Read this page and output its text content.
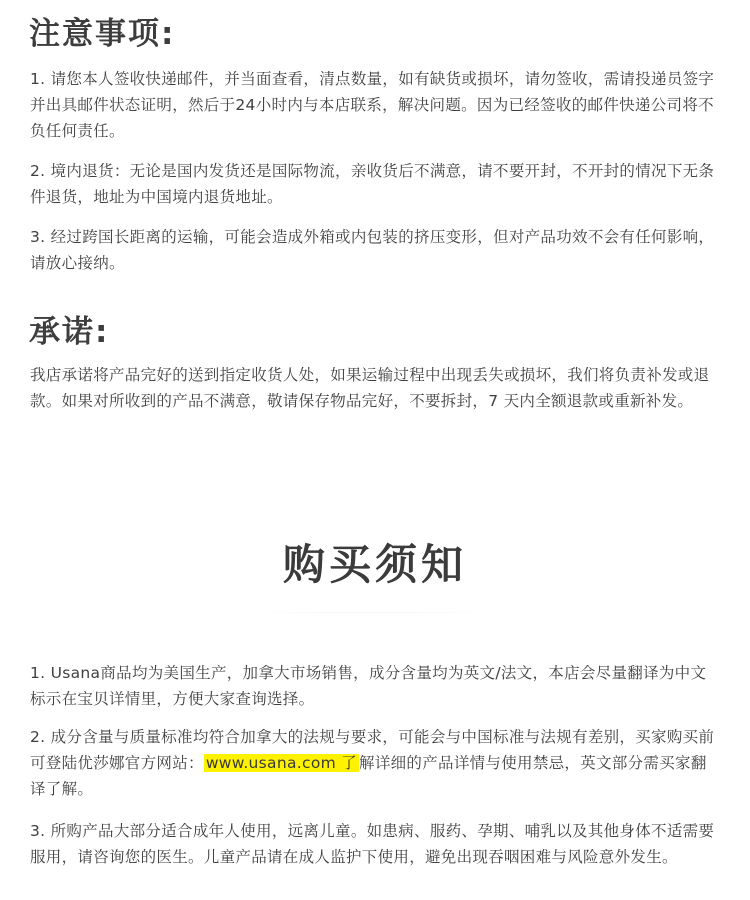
注意事项:

1. 请您本人签收快递邮件，并当面查看，清点数量，如有缺货或损坏，请勿签收，需请投递员签字并出具邮件状态证明，然后于24小时内与本店联系，解决问题。因为已经签收的邮件快递公司将不负任何责任。

2. 境内退货：无论是国内发货还是国际物流，亲收货后不满意，请不要开封，不开封的情况下无条件退货，地址为中国境内退货地址。

3. 经过跨国长距离的运输，可能会造成外箱或内包装的挤压变形，但对产品功效不会有任何影响，请放心接纳。

承诺:

我店承诺将产品完好的送到指定收货人处，如果运输过程中出现丢失或损坏，我们将负责补发或退款。如果对所收到的产品不满意，敬请保存物品完好，不要拆封，7 天内全额退款或重新补发。

购买须知

1. Usana商品均为美国生产，加拿大市场销售，成分含量均为英文/法文，本店会尽量翻译为中文标示在宝贝详情里，方便大家查询选择。

2. 成分含量与质量标准均符合加拿大的法规与要求，可能会与中国标准与法规有差别，买家购买前可登陆优莎娜官方网站： www.usana.com 了 解详细的产品详情与使用禁忌，英文部分需买家翻译了解。

3. 所购产品大部分适合成年人使用，远离儿童。如患病、服药、孕期、哺乳以及其他身体不适需要服用，请咨询您的医生。儿童产品请在成人监护下使用，避免出现吞咽困难与风险意外发生。
